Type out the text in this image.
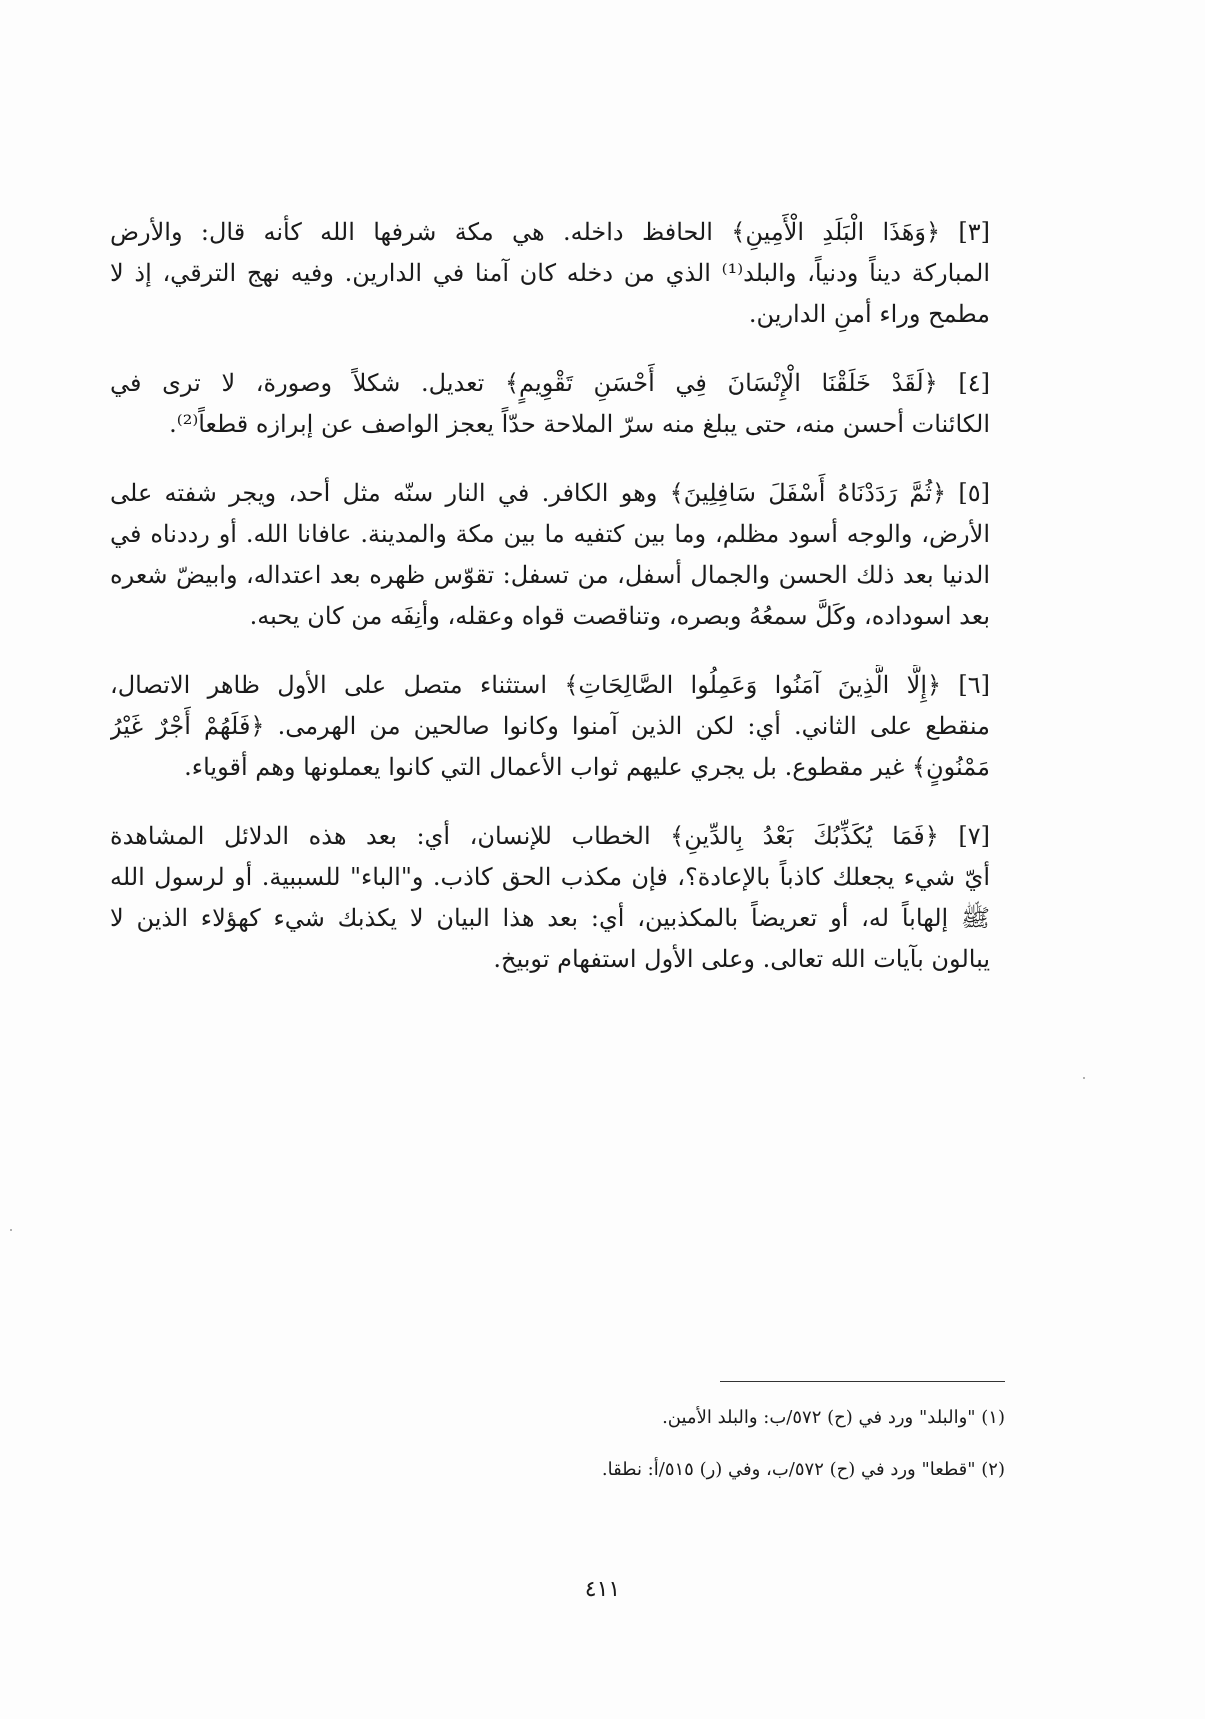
[٣] ﴿وَهَذَا الْبَلَدِ الْأَمِينِ﴾ الحافظ داخله. هي مكة شرفها الله كأنه قال: والأرض
المباركة ديناً ودنياً، والبلد⁽¹⁾ الذي من دخله كان آمنا في الدارين. وفيه نهج الترقي، إذ لا
مطمح وراء أمنِ الدارين.

[٤] ﴿لَقَدْ خَلَقْنَا الْإِنْسَانَ فِي أَحْسَنِ تَقْوِيمٍ﴾ تعديل. شكلاً وصورة، لا ترى في
الكائنات أحسن منه، حتى يبلغ منه سرّ الملاحة حدّاً يعجز الواصف عن إبرازه قطعاً⁽²⁾.

[٥] ﴿ثُمَّ رَدَدْنَاهُ أَسْفَلَ سَافِلِينَ﴾ وهو الكافر. في النار سنّه مثل أحد، ويجر شفته على
الأرض، والوجه أسود مظلم، وما بين كتفيه ما بين مكة والمدينة. عافانا الله. أو رددناه في
الدنيا بعد ذلك الحسن والجمال أسفل، من تسفل: تقوّس ظهره بعد اعتداله، وابيضّ شعره
بعد اسوداده، وكَلَّ سمعُهُ وبصره، وتناقصت قواه وعقله، وأنِفَه من كان يحبه.

[٦] ﴿إِلَّا الَّذِينَ آمَنُوا وَعَمِلُوا الصَّالِحَاتِ﴾ استثناء متصل على الأول ظاهر الاتصال،
منقطع على الثاني. أي: لكن الذين آمنوا وكانوا صالحين من الهرمى. ﴿فَلَهُمْ أَجْرٌ غَيْرُ
مَمْنُونٍ﴾ غير مقطوع. بل يجري عليهم ثواب الأعمال التي كانوا يعملونها وهم أقوياء.

[٧] ﴿فَمَا يُكَذِّبُكَ بَعْدُ بِالدِّينِ﴾ الخطاب للإنسان، أي: بعد هذه الدلائل المشاهدة
أيّ شيء يجعلك كاذباً بالإعادة؟، فإن مكذب الحق كاذب. و"الباء" للسببية. أو لرسول الله
ﷺ إلهاباً له، أو تعريضاً بالمكذبين، أي: بعد هذا البيان لا يكذبك شيء كهؤلاء الذين لا
يبالون بآيات الله تعالى. وعلى الأول استفهام توبيخ.

(١) "والبلد" ورد في (ح) ٥٧٢/ب: والبلد الأمين.
(٢) "قطعا" ورد في (ح) ٥٧٢/ب، وفي (ر) ٥١٥/أ: نطقا.
٤١١
